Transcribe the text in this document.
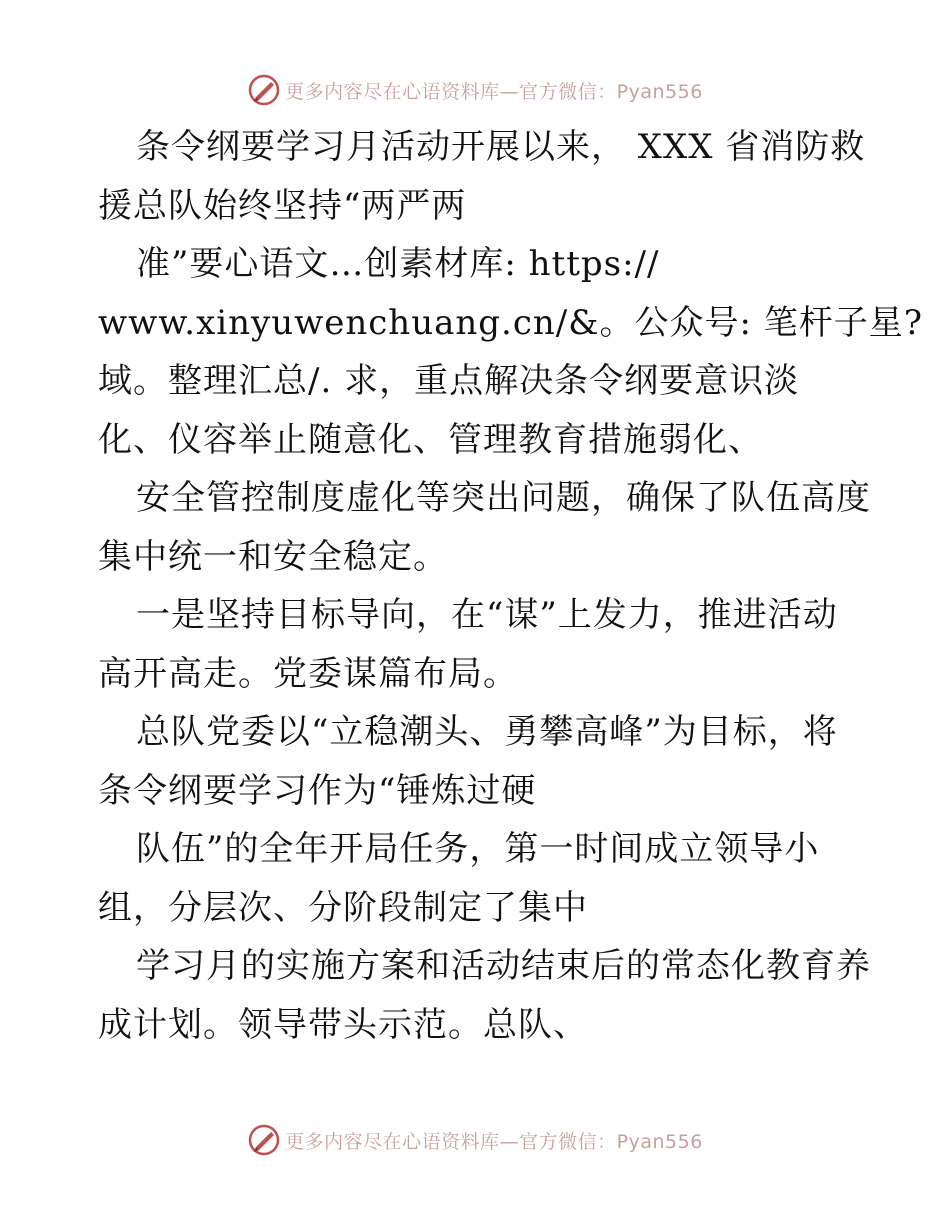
更多内容尽在心语资料库—官方微信：Pyan556
条令纲要学习月活动开展以来， XXX 省消防救
援总队始终坚持“两严两
准”要心语文…创素材库: https://
www.xinyuwenchuang.cn/&。公众号: 笔杆子星?
域。整理汇总/. 求，重点解决条令纲要意识淡
化、仪容举止随意化、管理教育措施弱化、
安全管控制度虚化等突出问题，确保了队伍高度
集中统一和安全稳定。
一是坚持目标导向，在“谋”上发力，推进活动
高开高走。党委谋篇布局。
总队党委以“立稳潮头、勇攀高峰”为目标，将
条令纲要学习作为“锤炼过硬
队伍”的全年开局任务，第一时间成立领导小
组，分层次、分阶段制定了集中
学习月的实施方案和活动结束后的常态化教育养
成计划。领导带头示范。总队、
更多内容尽在心语资料库—官方微信：Pyan556
